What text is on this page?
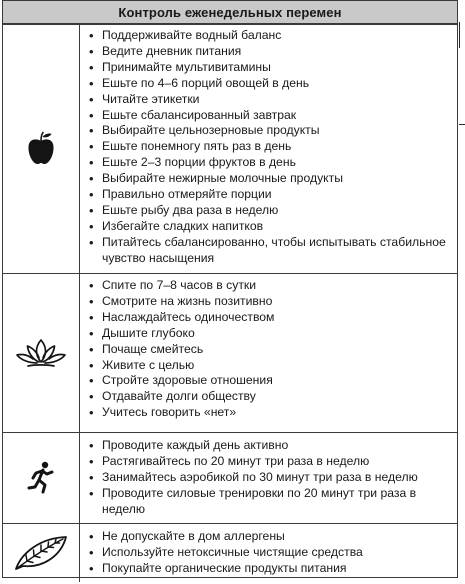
Контроль еженедельных перемен
• Поддерживайте водный баланс
• Ведите дневник питания
• Принимайте мультивитамины
• Ешьте по 4–6 порций овощей в день
• Читайте этикетки
• Ешьте сбалансированный завтрак
• Выбирайте цельнозерновые продукты
• Ешьте понемногу пять раз в день
• Ешьте 2–3 порции фруктов в день
• Выбирайте нежирные молочные продукты
• Правильно отмеряйте порции
• Ешьте рыбу два раза в неделю
• Избегайте сладких напитков
• Питайтесь сбалансированно, чтобы испытывать стабильное чувство насыщения
• Спите по 7–8 часов в сутки
• Смотрите на жизнь позитивно
• Наслаждайтесь одиночеством
• Дышите глубоко
• Почаще смейтесь
• Живите с целью
• Стройте здоровые отношения
• Отдавайте долги обществу
• Учитесь говорить «нет»
• Проводите каждый день активно
• Растягивайтесь по 20 минут три раза в неделю
• Занимайтесь аэробикой по 30 минут три раза в неделю
• Проводите силовые тренировки по 20 минут три раза в неделю
• Не допускайте в дом аллергены
• Используйте нетоксичные чистящие средства
• Покупайте органические продукты питания
